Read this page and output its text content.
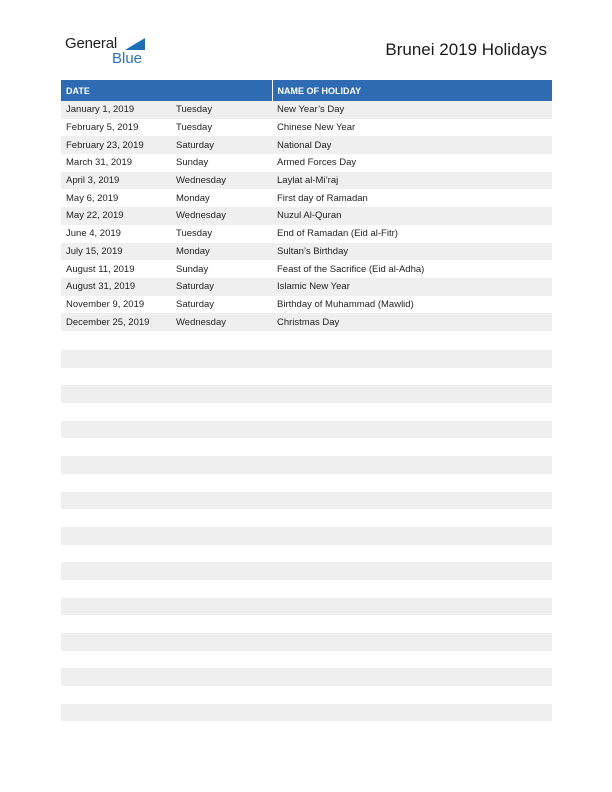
General
Blue	Brunei 2019 Holidays
DATE		NAME OF HOLIDAY
January 1, 2019	Tuesday	New Year’s Day
February 5, 2019	Tuesday	Chinese New Year
February 23, 2019	Saturday	National Day
March 31, 2019	Sunday	Armed Forces Day
April 3, 2019	Wednesday	Laylat al-Mi’raj
May 6, 2019	Monday	First day of Ramadan
May 22, 2019	Wednesday	Nuzul Al-Quran
June 4, 2019	Tuesday	End of Ramadan (Eid al-Fitr)
July 15, 2019	Monday	Sultan’s Birthday
August 11, 2019	Sunday	Feast of the Sacrifice (Eid al-Adha)
August 31, 2019	Saturday	Islamic New Year
November 9, 2019	Saturday	Birthday of Muhammad (Mawlid)
December 25, 2019	Wednesday	Christmas Day
